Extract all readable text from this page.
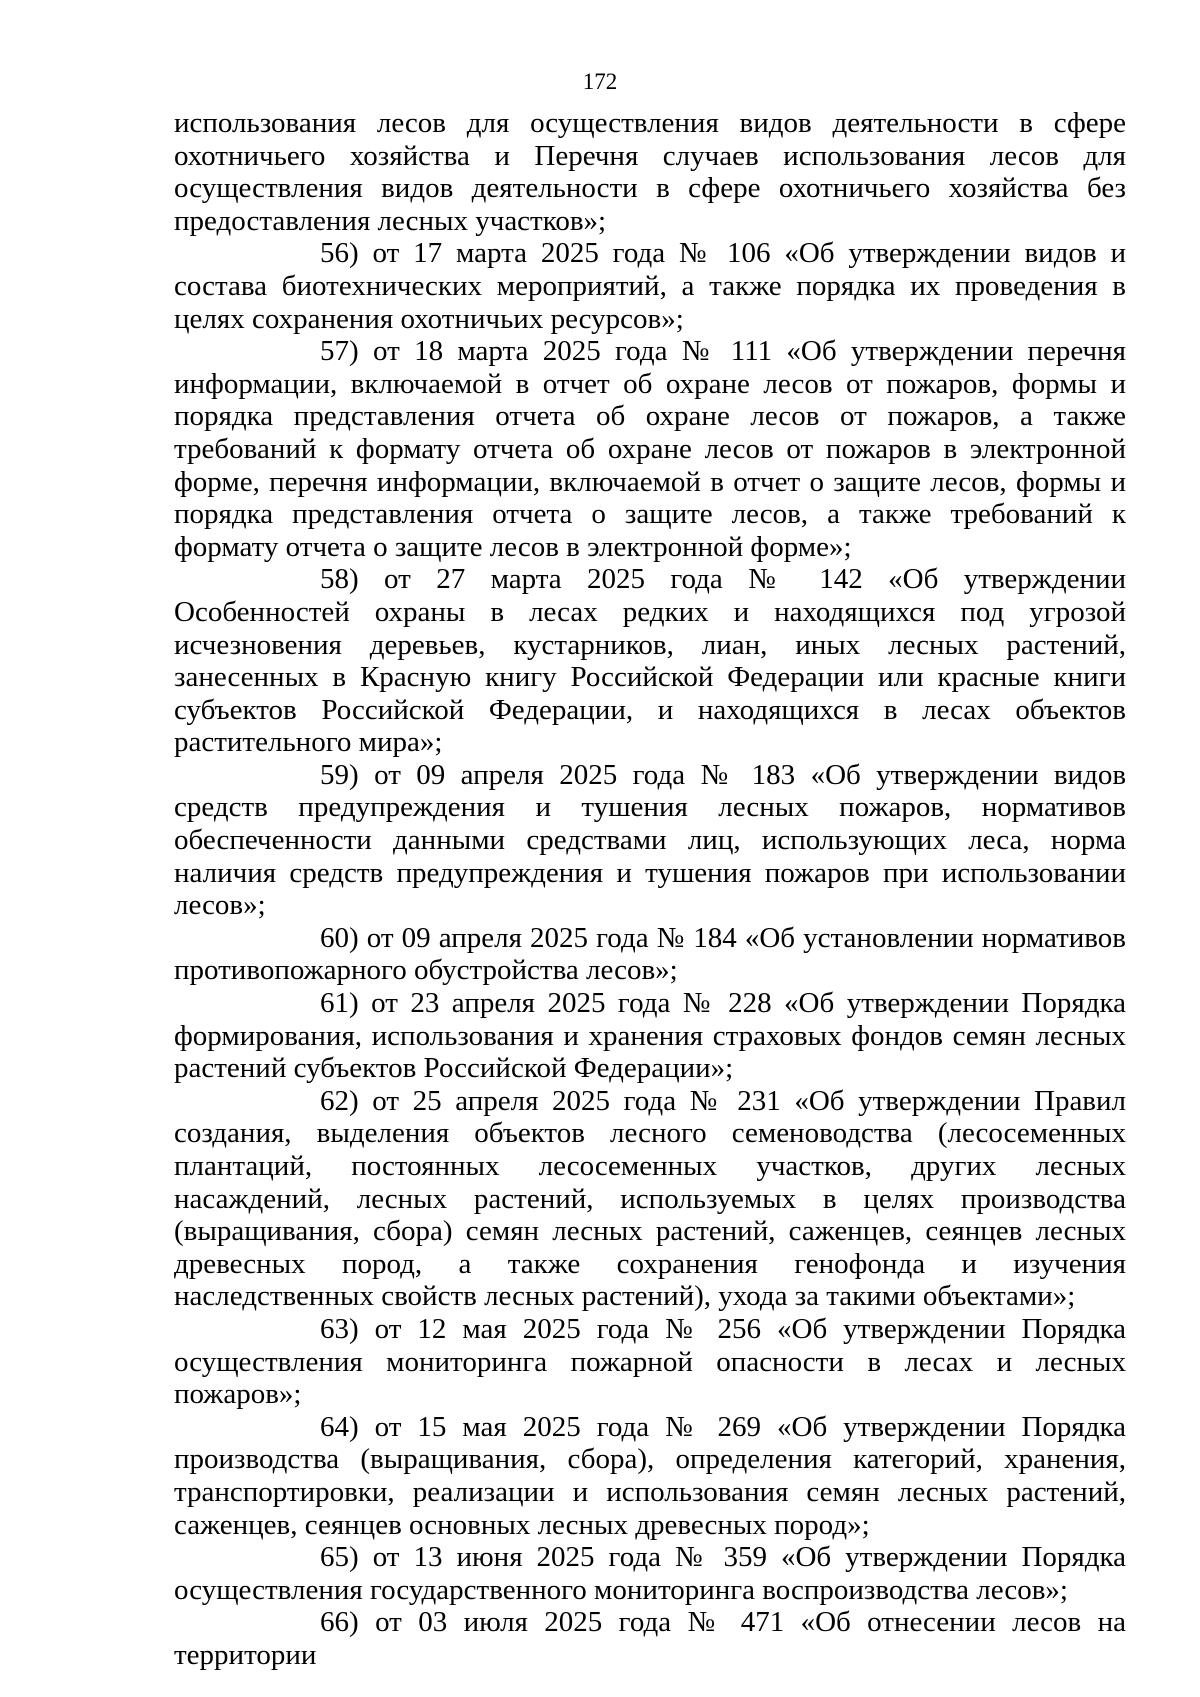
172

использования лесов для осуществления видов деятельности в сфере охотничьего хозяйства и Перечня случаев использования лесов для осуществления видов деятельности в сфере охотничьего хозяйства без предоставления лесных участков»;

56) от 17 марта 2025 года № 106 «Об утверждении видов и состава биотехнических мероприятий, а также порядка их проведения в целях сохранения охотничьих ресурсов»;

57) от 18 марта 2025 года № 111 «Об утверждении перечня информации, включаемой в отчет об охране лесов от пожаров, формы и порядка представления отчета об охране лесов от пожаров, а также требований к формату отчета об охране лесов от пожаров в электронной форме, перечня информации, включаемой в отчет о защите лесов, формы и порядка представления отчета о защите лесов, а также требований к формату отчета о защите лесов в электронной форме»;

58) от 27 марта 2025 года № 142 «Об утверждении Особенностей охраны в лесах редких и находящихся под угрозой исчезновения деревьев, кустарников, лиан, иных лесных растений, занесенных в Красную книгу Российской Федерации или красные книги субъектов Российской Федерации, и находящихся в лесах объектов растительного мира»;

59) от 09 апреля 2025 года № 183 «Об утверждении видов средств предупреждения и тушения лесных пожаров, нормативов обеспеченности данными средствами лиц, использующих леса, норма наличия средств предупреждения и тушения пожаров при использовании лесов»;

60) от 09 апреля 2025 года № 184 «Об установлении нормативов противопожарного обустройства лесов»;

61) от 23 апреля 2025 года № 228 «Об утверждении Порядка формирования, использования и хранения страховых фондов семян лесных растений субъектов Российской Федерации»;

62) от 25 апреля 2025 года № 231 «Об утверждении Правил создания, выделения объектов лесного семеноводства (лесосеменных плантаций, постоянных лесосеменных участков, других лесных насаждений, лесных растений, используемых в целях производства (выращивания, сбора) семян лесных растений, саженцев, сеянцев лесных древесных пород, а также сохранения генофонда и изучения наследственных свойств лесных растений), ухода за такими объектами»;

63) от 12 мая 2025 года № 256 «Об утверждении Порядка осуществления мониторинга пожарной опасности в лесах и лесных пожаров»;

64) от 15 мая 2025 года № 269 «Об утверждении Порядка производства (выращивания, сбора), определения категорий, хранения, транспортировки, реализации и использования семян лесных растений, саженцев, сеянцев основных лесных древесных пород»;

65) от 13 июня 2025 года № 359 «Об утверждении Порядка осуществления государственного мониторинга воспроизводства лесов»;

66) от 03 июля 2025 года № 471 «Об отнесении лесов на территории
